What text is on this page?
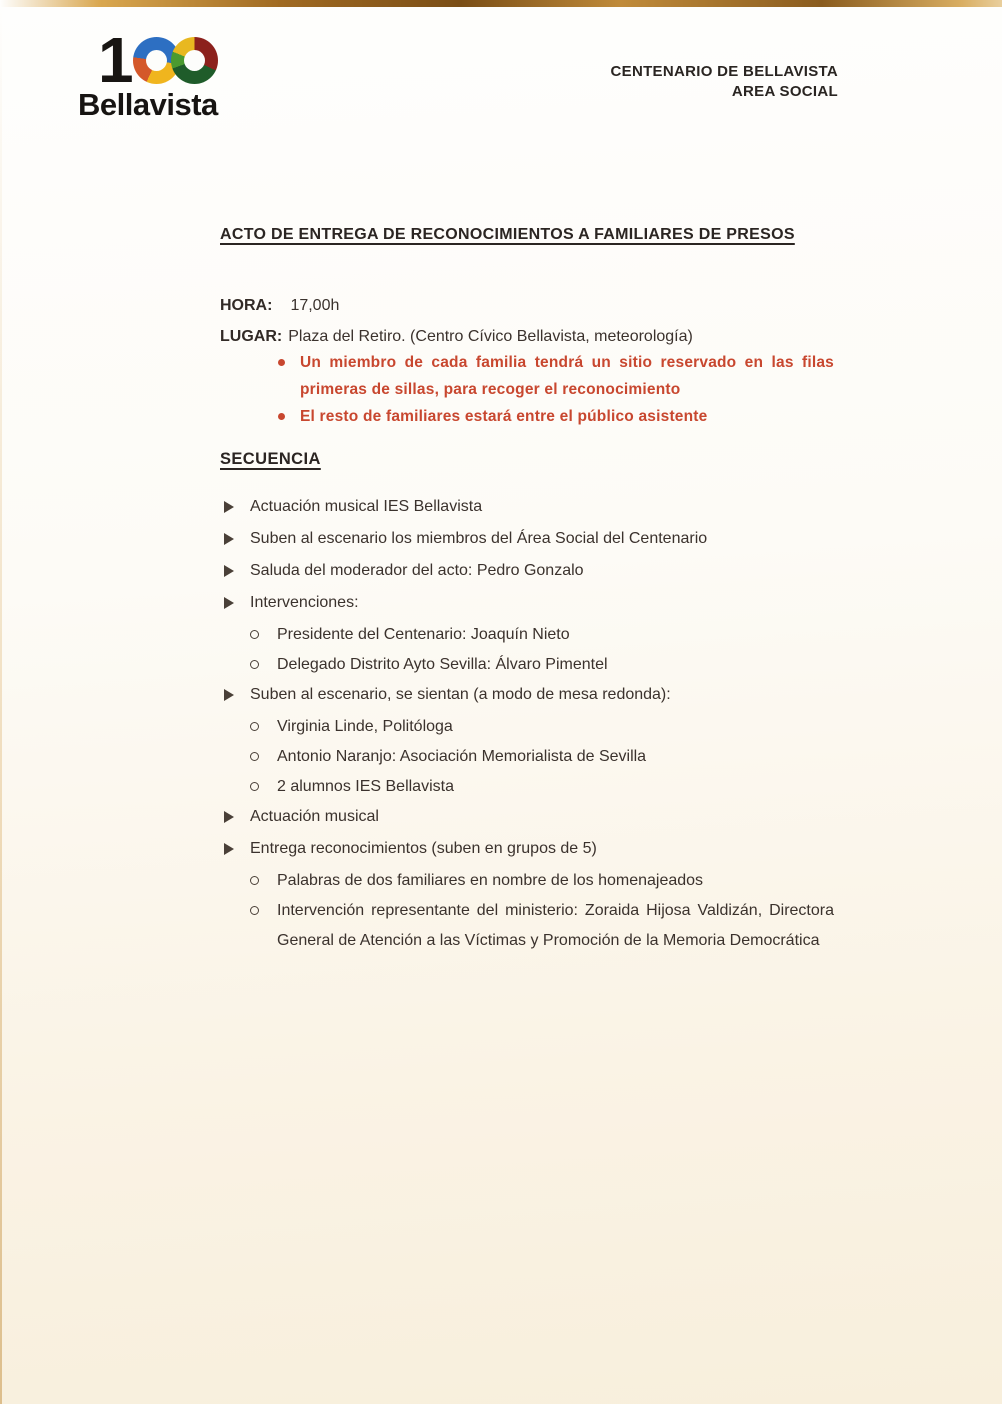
1
Bellavista
CENTENARIO DE BELLAVISTA
AREA SOCIAL
ACTO DE ENTREGA DE RECONOCIMIENTOS A FAMILIARES DE PRESOS
HORA: 17,00h
LUGAR: Plaza del Retiro. (Centro Cívico Bellavista, meteorología)
Un miembro de cada familia tendrá un sitio reservado en las filas primeras de sillas, para recoger el reconocimiento
El resto de familiares estará entre el público asistente
SECUENCIA
Actuación musical IES Bellavista
Suben al escenario los miembros del Área Social del Centenario
Saluda del moderador del acto: Pedro Gonzalo
Intervenciones:
Presidente del Centenario: Joaquín Nieto
Delegado Distrito Ayto Sevilla: Álvaro Pimentel
Suben al escenario, se sientan (a modo de mesa redonda):
Virginia Linde, Politóloga
Antonio Naranjo: Asociación Memorialista de Sevilla
2 alumnos IES Bellavista
Actuación musical
Entrega reconocimientos (suben en grupos de 5)
Palabras de dos familiares en nombre de los homenajeados
Intervención representante del ministerio: Zoraida Hijosa Valdizán, Directora General de Atención a las Víctimas y Promoción de la Memoria Democrática
